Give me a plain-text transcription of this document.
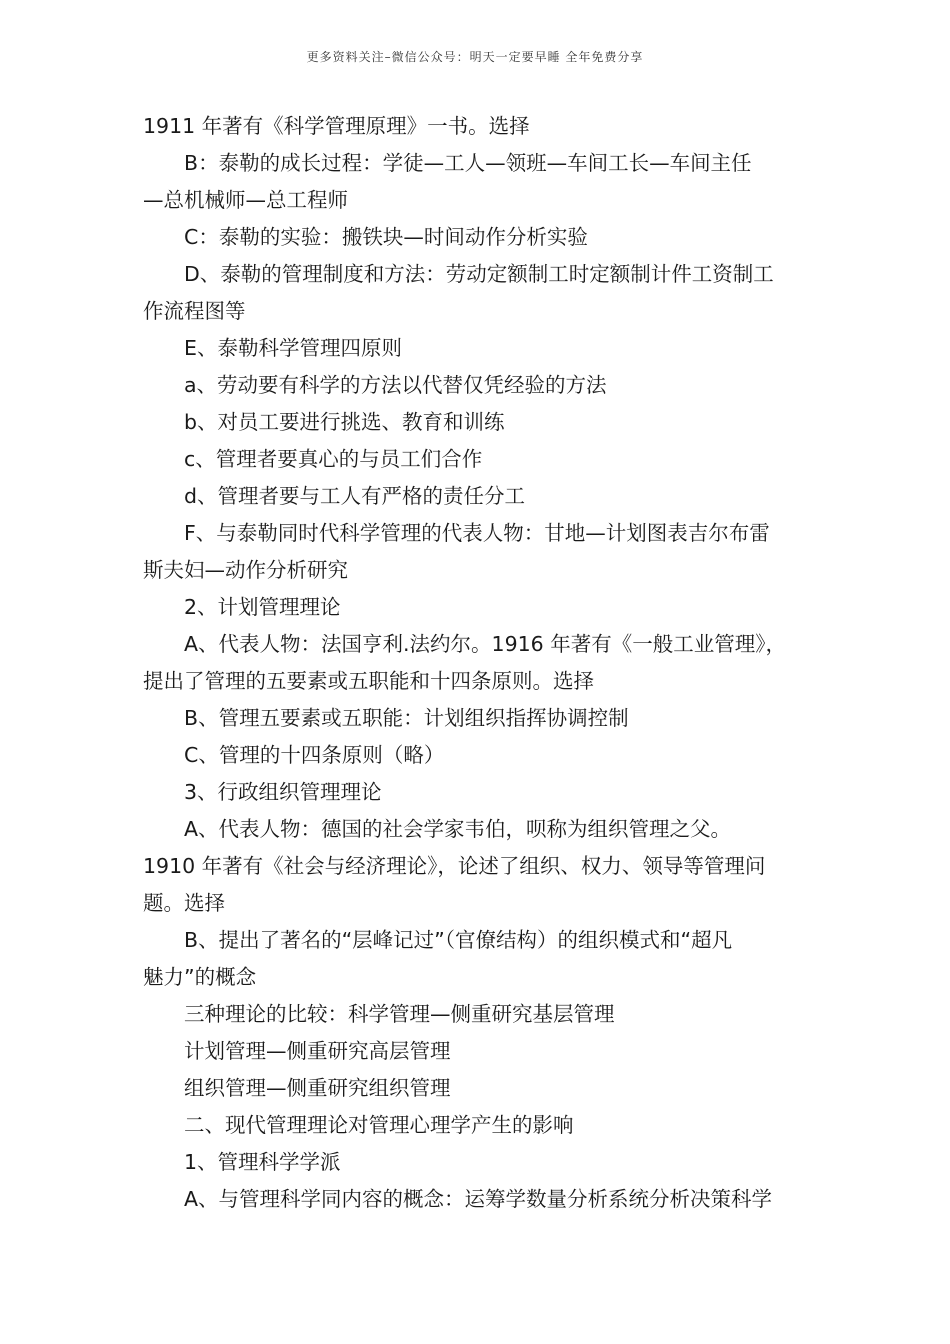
更多资料关注–微信公众号：明天一定要早睡 全年免费分享

1911 年著有《科学管理原理》一书。选择

B：泰勒的成长过程：学徒—工人—领班—车间工长—车间主任

—总机械师—总工程师

C：泰勒的实验：搬铁块—时间动作分析实验

D、泰勒的管理制度和方法：劳动定额制工时定额制计件工资制工

作流程图等

E、泰勒科学管理四原则

a、劳动要有科学的方法以代替仅凭经验的方法

b、对员工要进行挑选、教育和训练

c、管理者要真心的与员工们合作

d、管理者要与工人有严格的责任分工

F、与泰勒同时代科学管理的代表人物：甘地—计划图表吉尔布雷

斯夫妇—动作分析研究

2、计划管理理论

A、代表人物：法国亨利.法约尔。1916 年著有《一般工业管理》，

提出了管理的五要素或五职能和十四条原则。选择

B、管理五要素或五职能：计划组织指挥协调控制

C、管理的十四条原则（略）

3、行政组织管理理论

A、代表人物：德国的社会学家韦伯，呗称为组织管理之父。

1910 年著有《社会与经济理论》，论述了组织、权力、领导等管理问

题。选择

B、提出了著名的“层峰记过”（官僚结构）的组织模式和“超凡

魅力”的概念

三种理论的比较：科学管理—侧重研究基层管理

计划管理—侧重研究高层管理

组织管理—侧重研究组织管理

二、现代管理理论对管理心理学产生的影响

1、管理科学学派

A、与管理科学同内容的概念：运筹学数量分析系统分析决策科学
